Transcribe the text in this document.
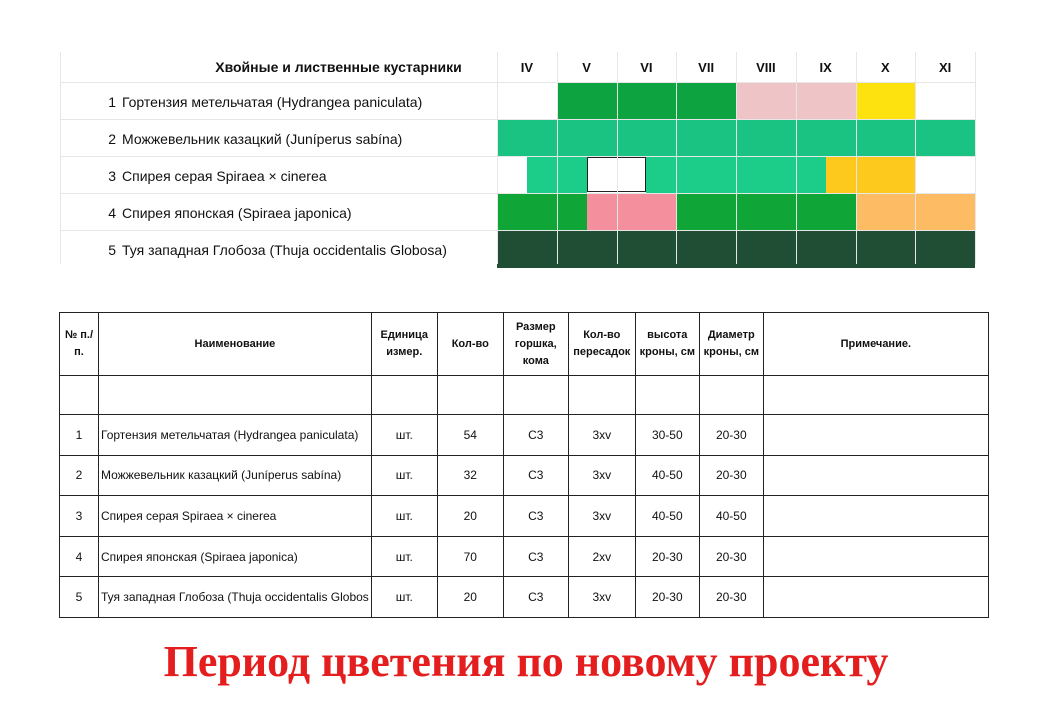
Хвойные и лиственные кустарники	IV	V	VI	VII	VIII	IX	X	XI
1 Гортензия метельчатая (Hydrangea paniculata)
2 Можжевельник казацкий (Juníperus sabína)
3 Спирея серая Spiraea × cinerea
4 Спирея японская (Spiraea japonica)
5 Туя западная Глобоза (Thuja occidentalis Globosa)
№ п./п.	Наименование	Единица измер.	Кол-во	Размер горшка, кома	Кол-во пересадок	высота кроны, см	Диаметр кроны, см	Примечание.

1	Гортензия метельчатая (Hydrangea paniculata)	шт.	54	C3	3xv	30-50	20-30	
2	Можжевельник казацкий (Juníperus sabína)	шт.	32	C3	3xv	40-50	20-30	
3	Спирея серая Spiraea × cinerea	шт.	20	C3	3xv	40-50	40-50	
4	Спирея японская (Spiraea japonica)	шт.	70	C3	2xv	20-30	20-30	
5	Туя западная Глобоза (Thuja occidentalis Globos	шт.	20	C3	3xv	20-30	20-30	
Период цветения по новому проекту
